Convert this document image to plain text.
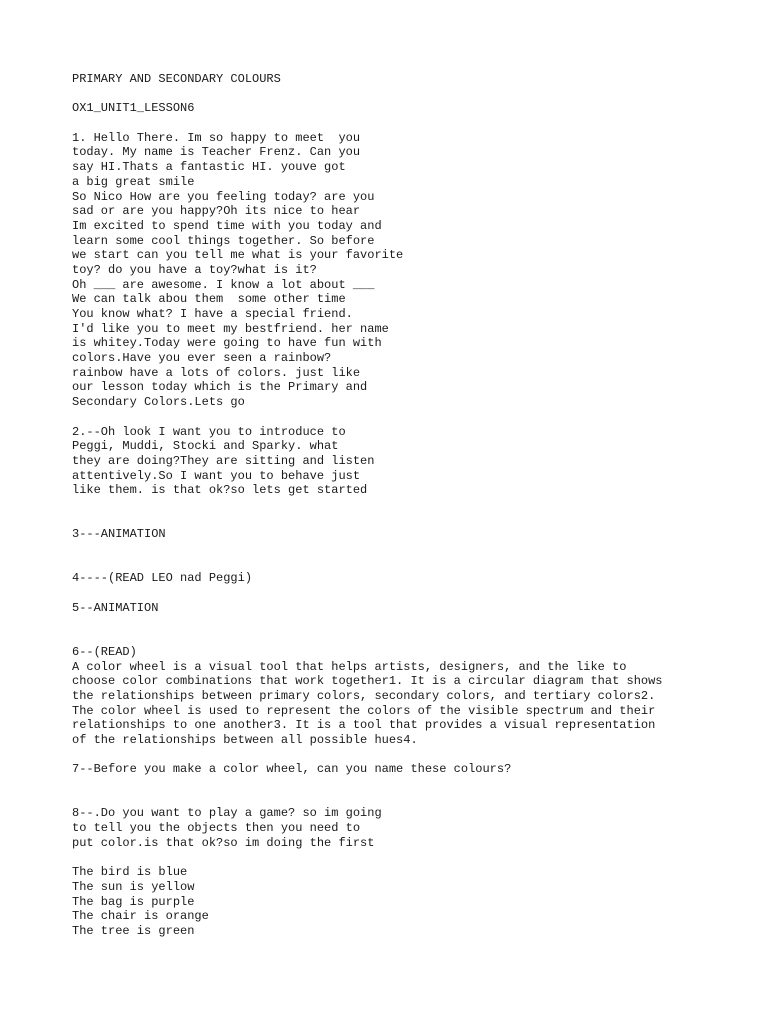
PRIMARY AND SECONDARY COLOURS
OX1_UNIT1_LESSON6
1. Hello There. Im so happy to meet  you
today. My name is Teacher Frenz. Can you
say HI.Thats a fantastic HI. youve got
a big great smile
So Nico How are you feeling today? are you
sad or are you happy?Oh its nice to hear
Im excited to spend time with you today and
learn some cool things together. So before
we start can you tell me what is your favorite
toy? do you have a toy?what is it?
Oh ___ are awesome. I know a lot about ___
We can talk abou them  some other time
You know what? I have a special friend.
I'd like you to meet my bestfriend. her name
is whitey.Today were going to have fun with
colors.Have you ever seen a rainbow?
rainbow have a lots of colors. just like
our lesson today which is the Primary and
Secondary Colors.Lets go
2.--Oh look I want you to introduce to
Peggi, Muddi, Stocki and Sparky. what
they are doing?They are sitting and listen
attentively.So I want you to behave just
like them. is that ok?so lets get started
3---ANIMATION
4----(READ LEO nad Peggi)
5--ANIMATION
6--(READ)
A color wheel is a visual tool that helps artists, designers, and the like to
choose color combinations that work together1. It is a circular diagram that shows
the relationships between primary colors, secondary colors, and tertiary colors2.
The color wheel is used to represent the colors of the visible spectrum and their
relationships to one another3. It is a tool that provides a visual representation
of the relationships between all possible hues4.
7--Before you make a color wheel, can you name these colours?
8--.Do you want to play a game? so im going
to tell you the objects then you need to
put color.is that ok?so im doing the first
The bird is blue
The sun is yellow
The bag is purple
The chair is orange
The tree is green
